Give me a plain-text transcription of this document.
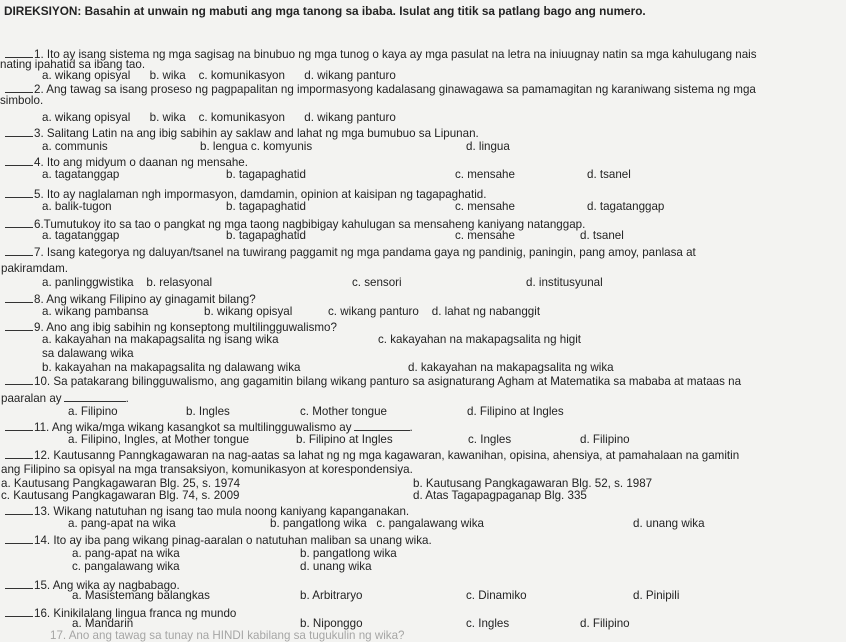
DIREKSIYON: Basahin at unwain ng mabuti ang mga tanong sa ibaba. Isulat ang titik sa patlang bago ang numero.
1. Ito ay isang sistema ng mga sagisag na binubuo ng mga tunog o kaya ay mga pasulat na letra na iniuugnay natin sa mga kahulugang nais
nating ipahatid sa ibang tao.
a. wikang opisyal      b. wika    c. komunikasyon      d. wikang panturo
2. Ang tawag sa isang proseso ng pagpapalitan ng impormasyong kadalasang ginawagawa sa pamamagitan ng karaniwang sistema ng mga
simbolo.
a. wikang opisyal      b. wika    c. komunikasyon      d. wikang panturo
3. Salitang Latin na ang ibig sabihin ay saklaw and lahat ng mga bumubuo sa Lipunan.
a. communis	b. lengua c. komyunis	d. lingua
4. Ito ang midyum o daanan ng mensahe.
a. tagatanggap	b. tagapaghatid	c. mensahe	d. tsanel
5. Ito ay naglalaman ngh impormasyon, damdamin, opinion at kaisipan ng tagapaghatid.
a. balik-tugon	b. tagapaghatid	c. mensahe	d. tagatanggap
6.Tumutukoy ito sa tao o pangkat ng mga taong nagbibigay kahulugan sa mensaheng kaniyang natanggap.
a. tagatanggap	b. tagapaghatid	c. mensahe	d. tsanel
7. Isang kategorya ng daluyan/tsanel na tuwirang paggamit ng mga pandama gaya ng pandinig, paningin, pang amoy, panlasa at
pakiramdam.
a. panlinggwistika    b. relasyonal	c. sensori	d. institusyunal
8. Ang wikang Filipino ay ginagamit bilang?
a. wikang pambansa	b. wikang opisyal	c. wikang panturo    d. lahat ng nabanggit
9. Ano ang ibig sabihin ng konseptong multilingguwalismo?
a. kakayahan na makapagsalita ng isang wika	c. kakayahan na makapagsalita ng higit
sa dalawang wika
b. kakayahan na makapagsalita ng dalawang wika	d. kakayahan na makapagsalita ng wika
10. Sa patakarang bilingguwalismo, ang gagamitin bilang wikang panturo sa asignaturang Agham at Matematika sa mababa at mataas na
paaralan ay	.
a. Filipino	b. Ingles	c. Mother tongue	d. Filipino at Ingles
11. Ang wika/mga wikang kasangkot sa multilingguwalismo ay	.
a. Filipino, Ingles, at Mother tongue	b. Filipino at Ingles	c. Ingles	d. Filipino
12. Kautusanng Panngkagawaran na nag-aatas sa lahat ng ng mga kagawaran, kawanihan, opisina, ahensiya, at pamahalaan na gamitin
ang Filipino sa opisyal na mga transaksiyon, komunikasyon at korespondensiya.
a. Kautusang Pangkagawaran Blg. 25, s. 1974	b. Kautusang Pangkagawaran Blg. 52, s. 1987
c. Kautusang Pangkagawaran Blg. 74, s. 2009	d. Atas Tagapagpaganap Blg. 335
13. Wikang natutuhan ng isang tao mula noong kaniyang kapanganakan.
a. pang-apat na wika	b. pangatlong wika   c. pangalawang wika	d. unang wika
14. Ito ay iba pang wikang pinag-aaralan o natutuhan maliban sa unang wika.
a. pang-apat na wika	b. pangatlong wika
c. pangalawang wika	d. unang wika
15. Ang wika ay nagbabago.
a. Masistemang balangkas	b. Arbitraryo	c. Dinamiko	d. Pinipili
16. Kinikilalang lingua franca ng mundo
a. Mandarin	b. Niponggo	c. Ingles	d. Filipino
17. Ano ang tawag sa tunay na HINDI kabilang sa tugukulin ng wika?
